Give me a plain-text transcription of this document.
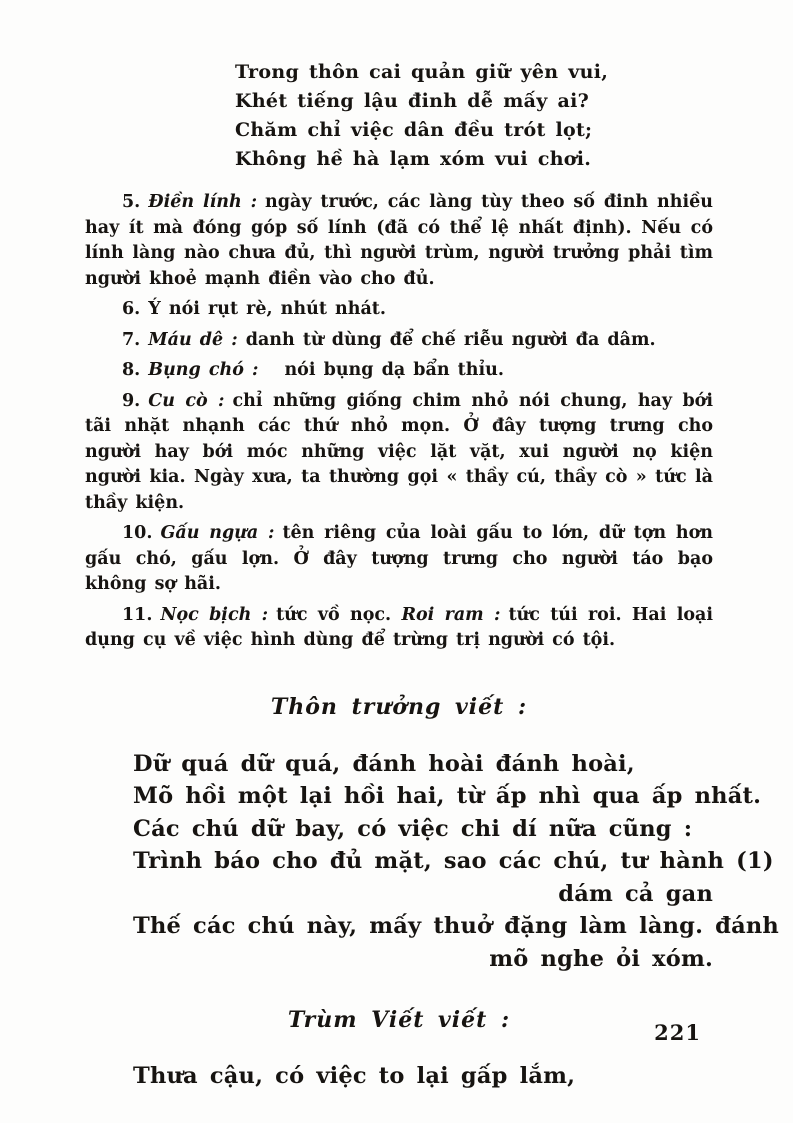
Trong thôn cai quản giữ yên vui,
Khét tiếng lậu đinh dễ mấy ai?
Chăm chỉ việc dân đều trót lọt;
Không hề hà lạm xóm vui chơi.

5. Điền lính : ngày trước, các làng tùy theo số đinh nhiều hay ít mà đóng góp số lính (đã có thể lệ nhất định). Nếu có lính làng nào chưa đủ, thì người trùm, người trưởng phải tìm người khoẻ mạnh điền vào cho đủ.

6. Ý nói rụt rè, nhút nhát.

7. Máu dê : danh từ dùng để chế riễu người đa dâm.

8. Bụng chó : nói bụng dạ bẩn thỉu.

9. Cu cò : chỉ những giống chim nhỏ nói chung, hay bới tãi nhặt nhạnh các thứ nhỏ mọn. Ở đây tượng trưng cho người hay bới móc những việc lặt vặt, xui người nọ kiện người kia. Ngày xưa, ta thường gọi « thầy cú, thầy cò » tức là thầy kiện.

10. Gấu ngựa : tên riêng của loài gấu to lớn, dữ tợn hơn gấu chó, gấu lợn. Ở đây tượng trưng cho người táo bạo không sợ hãi.

11. Nọc bịch : tức vồ nọc. Roi ram : tức túi roi. Hai loại dụng cụ về việc hình dùng để trừng trị người có tội.

Thôn trưởng viết :
Dữ quá dữ quá, đánh hoài đánh hoài,
Mõ hồi một lại hồi hai, từ ấp nhì qua ấp nhất.
Các chú dữ bay, có việc chi dí nữa cũng :
Trình báo cho đủ mặt, sao các chú, tư hành (1)
dám cả gan
Thế các chú này, mấy thuở đặng làm làng. đánh
mõ nghe ỏi xóm.
Trùm Viết viết :
Thưa cậu, có việc to lại gấp lắm,
221
